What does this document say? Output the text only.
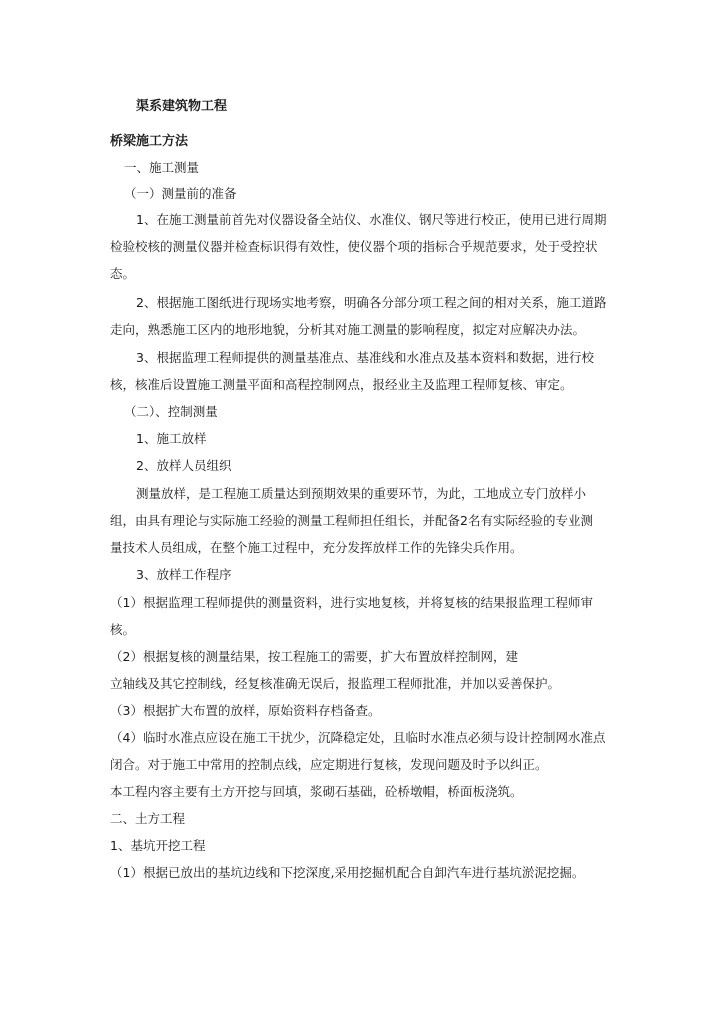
渠系建筑物工程
桥梁施工方法
一、施工测量
（一）测量前的准备
1、在施工测量前首先对仪器设备全站仪、水准仪、钢尺等进行校正，使用已进行周期
检验校核的测量仪器并检查标识得有效性，使仪器个项的指标合乎规范要求，处于受控状
态。
2、根据施工图纸进行现场实地考察，明确各分部分项工程之间的相对关系，施工道路
走向，熟悉施工区内的地形地貌，分析其对施工测量的影响程度，拟定对应解决办法。
3、根据监理工程师提供的测量基准点、基准线和水准点及基本资料和数据，进行校
核，核准后设置施工测量平面和高程控制网点，报经业主及监理工程师复核、审定。
（二）、控制测量
1、施工放样
2、放样人员组织
测量放样，是工程施工质量达到预期效果的重要环节，为此，工地成立专门放样小
组，由具有理论与实际施工经验的测量工程师担任组长，并配备2名有实际经验的专业测
量技术人员组成，在整个施工过程中，充分发挥放样工作的先锋尖兵作用。
3、放样工作程序
（1）根据监理工程师提供的测量资料，进行实地复核，并将复核的结果报监理工程师审
核。
（2）根据复核的测量结果，按工程施工的需要，扩大布置放样控制网，建
立轴线及其它控制线，经复核准确无误后，报监理工程师批准，并加以妥善保护。
（3）根据扩大布置的放样，原始资料存档备查。
（4）临时水准点应设在施工干扰少，沉降稳定处，且临时水准点必须与设计控制网水准点
闭合。对于施工中常用的控制点线，应定期进行复核，发现问题及时予以纠正。
本工程内容主要有土方开挖与回填，浆砌石基础，砼桥墩帽，桥面板浇筑。
二、土方工程
1、基坑开挖工程
（1）根据已放出的基坑边线和下挖深度,采用挖掘机配合自卸汽车进行基坑淤泥挖掘。
